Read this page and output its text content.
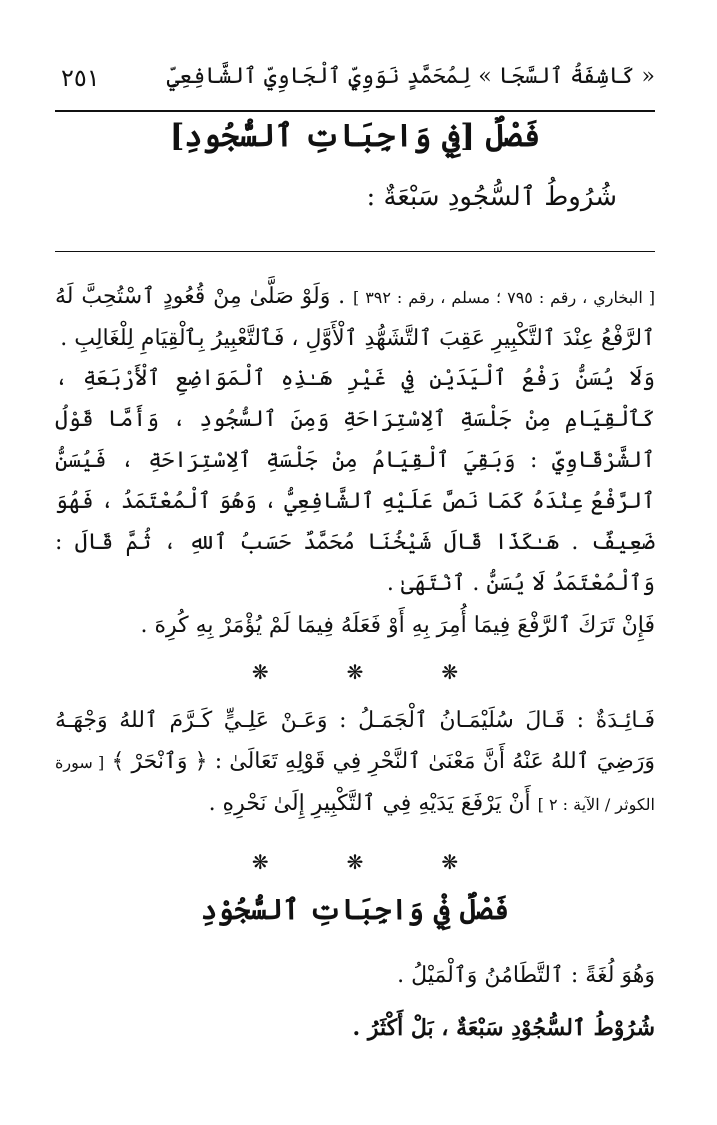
٢٥١	« كَاشِفَةُ ٱلسَّجَا » لِمُحَمَّدٍ نَوَوِيٍّ ٱلْجَاوِيِّ ٱلشَّافِعِيِّ
فَصْلٌ [فِي وَاجِبَاتِ ٱلسُّجُودِ]
شُرُوطُ ٱلسُّجُودِ سَبْعَةٌ :
[ البخاري ، رقم : ٧٩٥ ؛ مسلم ، رقم : ٣٩٢ ] . وَلَوْ صَلَّىٰ مِنْ قُعُودٍ ٱسْتُحِبَّ لَهُ ٱلرَّفْعُ عِنْدَ ٱلتَّكْبِيرِ عَقِبَ ٱلتَّشَهُّدِ ٱلْأَوَّلِ ، فَٱلتَّعْبِيرُ بِٱلْقِيَامِ لِلْغَالِبِ .
وَلَا يُسَنُّ رَفْعُ ٱلْيَدَيْنِ فِي غَيْرِ هَـٰذِهِ ٱلْمَوَاضِعِ ٱلْأَرْبَعَةِ ، كَٱلْقِيَامِ مِنْ جَلْسَةِ ٱلِاسْتِرَاحَةِ وَمِنَ ٱلسُّجُودِ ، وَأَمَّا قَوْلُ ٱلشَّرْقَاوِيِّ : وَبَقِيَ ٱلْقِيَامُ مِنْ جَلْسَةِ ٱلِاسْتِرَاحَةِ ، فَيُسَنُّ ٱلرَّفْعُ عِنْدَهُ كَمَا نَصَّ عَلَيْهِ ٱلشَّافِعِيُّ ، وَهُوَ ٱلْمُعْتَمَدُ ، فَهُوَ ضَعِيفٌ . هَـٰكَذَا قَالَ شَيْخُنَا مُحَمَّدٌ حَسَبُ ٱللهِ ، ثُمَّ قَالَ : وَٱلْمُعْتَمَدُ لَا يُسَنُّ . ٱنْتَهَىٰ .
فَإِنْ تَرَكَ ٱلرَّفْعَ فِيمَا أُمِرَ بِهِ أَوْ فَعَلَهُ فِيمَا لَمْ يُؤْمَرْ بِهِ كُرِهَ .
❋
❋
❋
فَـائِـدَةٌ : قَـالَ سُلَيْمَـانُ ٱلْجَمَـلُ : وَعَـنْ عَلِـيٍّ كَـرَّمَ ٱللهُ وَجْهَـهُ وَرَضِيَ ٱللهُ عَنْهُ أَنَّ مَعْنَىٰ ٱلنَّحْرِ فِي قَوْلِهِ تَعَالَىٰ : ﴿ وَٱنْحَرْ ﴾ [ سورة الكوثر / الآية : ٢ ] أَنْ يَرْفَعَ يَدَيْهِ فِي ٱلتَّكْبِيرِ إِلَىٰ نَحْرِهِ .
❋
❋
❋
فَصْلٌ فِيْ وَاجِبَاتِ ٱلسُّجُوْدِ
وَهُوَ لُغَةً : ٱلتَّطَامُنُ وَٱلْمَيْلُ .
شُرُوْطُ ٱلسُّجُوْدِ سَبْعَةٌ ، بَلْ أَكْثَرُ .
